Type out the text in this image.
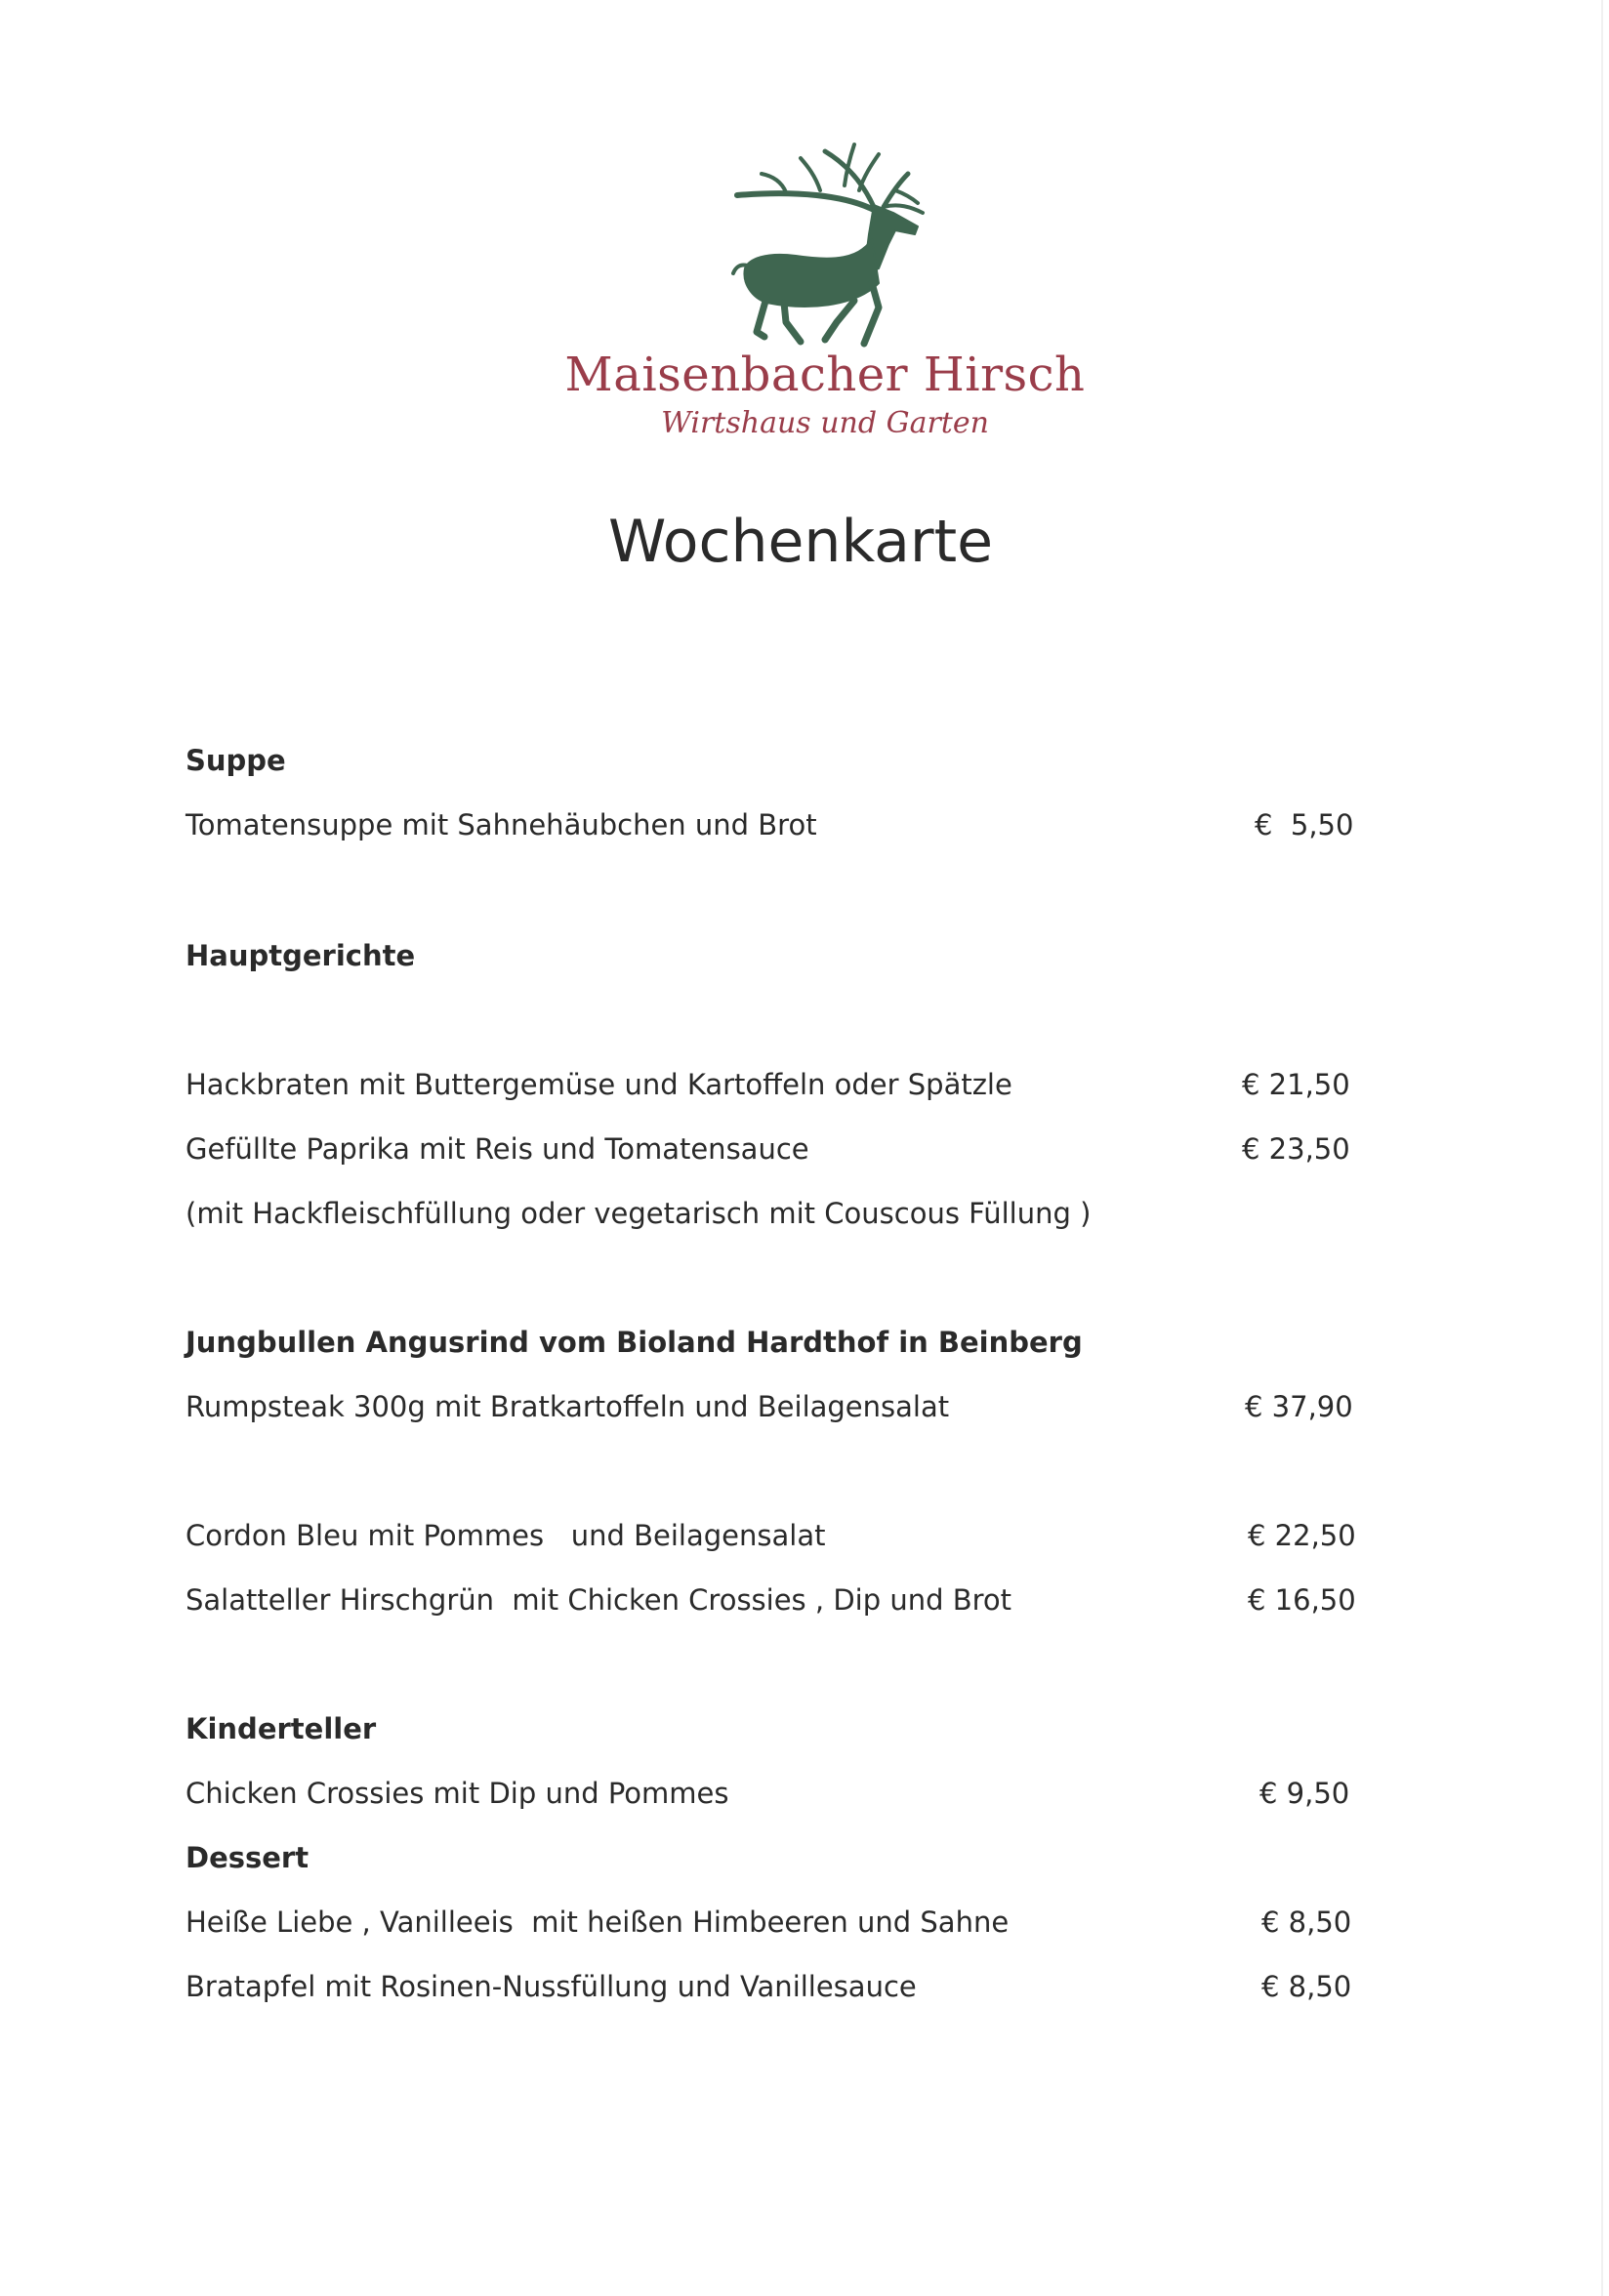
Maisenbacher Hirsch
Wirtshaus und Garten
Wochenkarte
Suppe
Tomatensuppe mit Sahnehäubchen und Brot	€  5,50
Hauptgerichte
Hackbraten mit Buttergemüse und Kartoffeln oder Spätzle	€ 21,50
Gefüllte Paprika mit Reis und Tomatensauce	€ 23,50
(mit Hackfleischfüllung oder vegetarisch mit Couscous Füllung )
Jungbullen Angusrind vom Bioland Hardthof in Beinberg
Rumpsteak 300g mit Bratkartoffeln und Beilagensalat	€ 37,90
Cordon Bleu mit Pommes   und Beilagensalat	€ 22,50
Salatteller Hirschgrün  mit Chicken Crossies , Dip und Brot	€ 16,50
Kinderteller
Chicken Crossies mit Dip und Pommes	€ 9,50
Dessert
Heiße Liebe , Vanilleeis  mit heißen Himbeeren und Sahne	€ 8,50
Bratapfel mit Rosinen-Nussfüllung und Vanillesauce	€ 8,50
